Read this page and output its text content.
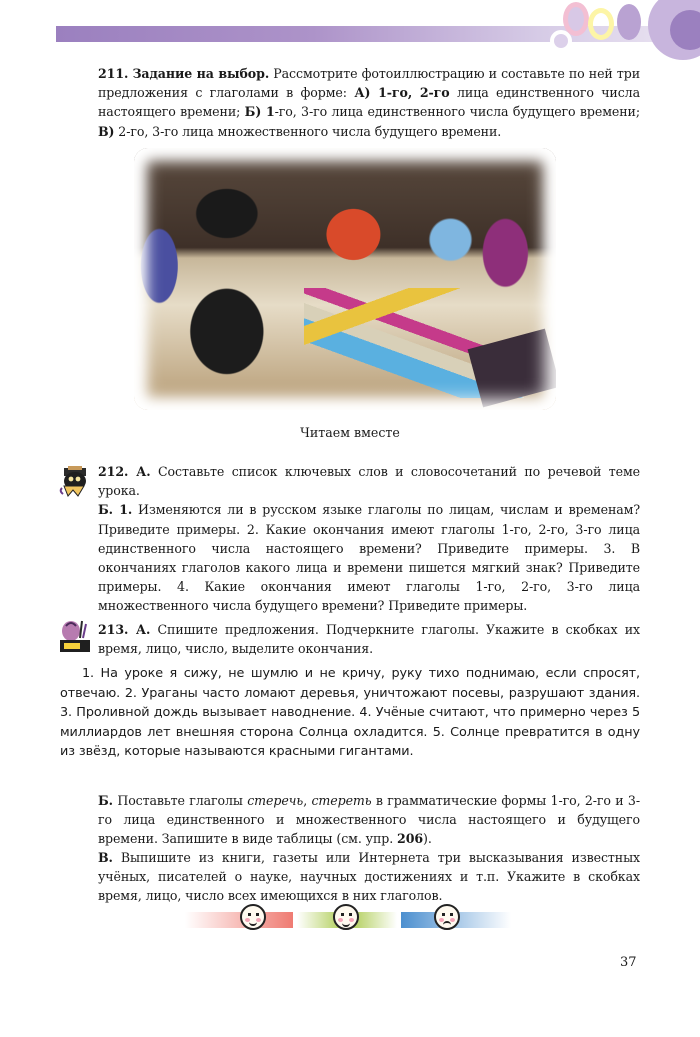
211. Задание на выбор. Рассмотрите фотоиллюстрацию и составьте по ней три предложения с глаголами в форме: А) 1-го, 2-го лица единственного числа настоящего времени; Б) 1-го, 3-го лица единственного числа будущего времени; В) 2-го, 3-го лица множественного числа будущего времени.
Читаем вместе
212. А. Составьте список ключевых слов и словосочетаний по речевой теме урока.
Б. 1. Изменяются ли в русском языке глаголы по лицам, числам и временам? Приведите примеры. 2. Какие окончания имеют глаголы 1-го, 2-го, 3-го лица единственного числа настоящего времени? Приведите примеры. 3. В окончаниях глаголов какого лица и времени пишется мягкий знак? Приведите примеры. 4. Какие окончания имеют глаголы 1-го, 2-го, 3-го лица множественного числа будущего времени? Приведите примеры.
213. А. Спишите предложения. Подчеркните глаголы. Укажите в скобках их время, лицо, число, выделите окончания.
1. На уроке я сижу, не шумлю и не кричу, руку тихо поднимаю, если спросят, отвечаю. 2. Ураганы часто ломают деревья, уничтожают посевы, разрушают здания. 3. Проливной дождь вызывает наводнение. 4. Учёные считают, что примерно через 5 миллиардов лет внешняя сторона Солнца охладится. 5. Солнце превратится в одну из звёзд, которые называются красными гигантами.
Б. Поставьте глаголы стеречь, стереть в грамматические формы 1-го, 2-го и 3-го лица единственного и множественного числа настоящего и будущего времени. Запишите в виде таблицы (см. упр. 206).
В. Выпишите из книги, газеты или Интернета три высказывания известных учёных, писателей о науке, научных достижениях и т.п. Укажите в скобках время, лицо, число всех имеющихся в них глаголов.
37
